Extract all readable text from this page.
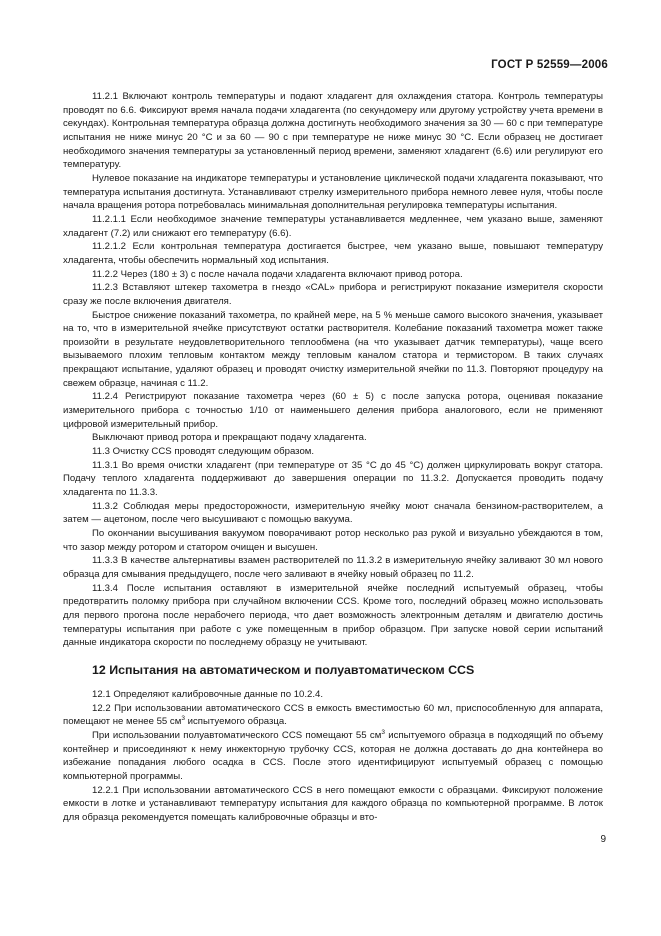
ГОСТ Р 52559—2006

11.2.1 Включают контроль температуры и подают хладагент для охлаждения статора. Контроль температуры проводят по 6.6. Фиксируют время начала подачи хладагента (по секундомеру или другому устройству учета времени в секундах). Контрольная температура образца должна достигнуть необходимого значения за 30 — 60 с при температуре испытания не ниже минус 20 °С и за 60 — 90 с при температуре не ниже минус 30 °С. Если образец не достигает необходимого значения температуры за установленный период времени, заменяют хладагент (6.6) или регулируют его температуру.

Нулевое показание на индикаторе температуры и установление циклической подачи хладагента показывают, что температура испытания достигнута. Устанавливают стрелку измерительного прибора немного левее нуля, чтобы после начала вращения ротора потребовалась минимальная дополнительная регулировка температуры испытания.

11.2.1.1 Если необходимое значение температуры устанавливается медленнее, чем указано выше, заменяют хладагент (7.2) или снижают его температуру (6.6).

11.2.1.2 Если контрольная температура достигается быстрее, чем указано выше, повышают температуру хладагента, чтобы обеспечить нормальный ход испытания.

11.2.2 Через (180 ± 3) с после начала подачи хладагента включают привод ротора.

11.2.3 Вставляют штекер тахометра в гнездо «CAL» прибора и регистрируют показание измерителя скорости сразу же после включения двигателя.

Быстрое снижение показаний тахометра, по крайней мере, на 5 % меньше самого высокого значения, указывает на то, что в измерительной ячейке присутствуют остатки растворителя. Колебание показаний тахометра может также произойти в результате неудовлетворительного теплообмена (на что указывает датчик температуры), чаще всего вызываемого плохим тепловым контактом между тепловым каналом статора и термистором. В таких случаях прекращают испытание, удаляют образец и проводят очистку измерительной ячейки по 11.3. Повторяют процедуру на свежем образце, начиная с 11.2.

11.2.4 Регистрируют показание тахометра через (60 ± 5) с после запуска ротора, оценивая показание измерительного прибора с точностью 1/10 от наименьшего деления прибора аналогового, если не применяют цифровой измерительный прибор.

Выключают привод ротора и прекращают подачу хладагента.

11.3 Очистку CCS проводят следующим образом.

11.3.1 Во время очистки хладагент (при температуре от 35 °С до 45 °С) должен циркулировать вокруг статора. Подачу теплого хладагента поддерживают до завершения операции по 11.3.2. Допускается проводить подачу хладагента по 11.3.3.

11.3.2 Соблюдая меры предосторожности, измерительную ячейку моют сначала бензином-растворителем, а затем — ацетоном, после чего высушивают с помощью вакуума.

По окончании высушивания вакуумом поворачивают ротор несколько раз рукой и визуально убеждаются в том, что зазор между ротором и статором очищен и высушен.

11.3.3 В качестве альтернативы взамен растворителей по 11.3.2 в измерительную ячейку заливают 30 мл нового образца для смывания предыдущего, после чего заливают в ячейку новый образец по 11.2.

11.3.4 После испытания оставляют в измерительной ячейке последний испытуемый образец, чтобы предотвратить поломку прибора при случайном включении CCS. Кроме того, последний образец можно использовать для первого прогона после нерабочего периода, что дает возможность электронным деталям и двигателю достичь температуры испытания при работе с уже помещенным в прибор образцом. При запуске новой серии испытаний данные индикатора скорости по последнему образцу не учитывают.

12 Испытания на автоматическом и полуавтоматическом CCS

12.1 Определяют калибровочные данные по 10.2.4.

12.2 При использовании автоматического CCS в емкость вместимостью 60 мл, приспособленную для аппарата, помещают не менее 55 $см^3$ испытуемого образца.

При использовании полуавтоматического CCS помещают 55 $см^3$ испытуемого образца в подходящий по объему контейнер и присоединяют к нему инжекторную трубочку CCS, которая не должна доставать до дна контейнера во избежание попадания любого осадка в CCS. После этого идентифицируют испытуемый образец с помощью компьютерной программы.

12.2.1 При использовании автоматического CCS в него помещают емкости с образцами. Фиксируют положение емкости в лотке и устанавливают температуру испытания для каждого образца по компьютерной программе. В лоток для образца рекомендуется помещать калибровочные образцы и вто-

9
